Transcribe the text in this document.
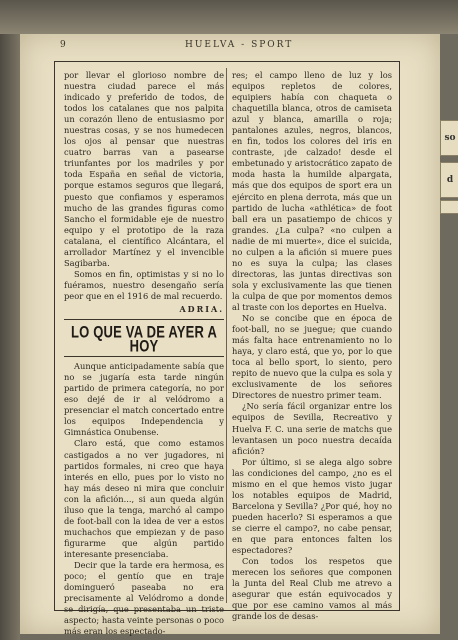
9	HUELVA - SPORT

por llevar el glorioso nombre de nuestra ciudad parece el más indicado y preferido de todos, de todos los catalanes que nos palpita un corazón lleno de entusiasmo por nuestras cosas, y se nos humedecen los ojos al pensar que nuestras cuatro barras van a pasearse triunfantes por los madriles y por toda España en señal de victoria, porque estamos seguros que llegará, puesto que confiamos y esperamos mucho de las grandes figuras como Sancho el formidable eje de nuestro equipo y el prototipo de la raza catalana, el científico Alcántara, el arrollador Martínez y el invencible Sagibarba.

Somos en fin, optimistas y si no lo fuéramos, nuestro desengaño sería peor que en el 1916 de mal recuerdo.

ADRIA.
LO QUE VA DE AYER A HOY

Aunque anticipadamente sabía que no se jugaría esta tarde ningún partido de primera categoría, no por eso dejé de ir al velódromo a presenciar el match concertado entre los equipos Independencia y Gimnástica Onubense.

Claro está, que como estamos castigados a no ver jugadores, ni partidos formales, ni creo que haya interés en ello, pues por lo visto no hay más deseo ni mira que concluir con la afición..., si aun queda algún iluso que la tenga, marchó al campo de foot-ball con la idea de ver a estos muchachos que empiezan y de paso figurarme que algún partido interesante presenciaba.

Decir que la tarde era hermosa, es poco; el gentío que en traje domingueró paseaba no era precisamente al Velódromo a donde se dirigía, que presentaba un triste aspecto; hasta veinte personas o poco más eran los espectado-

res; el campo lleno de luz y los equipos repletos de colores, equipiers había con chaqueta o chaquetilla blanca, otros de camiseta azul y blanca, amarilla o roja; pantalones azules, negros, blancos, en fin, todos los colores del iris en contraste, ¡de calzado! desde el embetunado y aristocrático zapato de moda hasta la humilde alpargata, más que dos equipos de sport era un ejército en plena derrota, más que un partido de lucha «athlética» de foot ball era un pasatiempo de chicos y grandes. ¿La culpa? «no culpen a nadie de mi muerte», dice el suicida, no culpen a la afición si muere pues no es suya la culpa; las clases directoras, las juntas directivas son sola y exclusivamente las que tienen la culpa de que por momentos demos al traste con los deportes en Huelva.

No se concibe que en época de foot-ball, no se juegue; que cuando más falta hace entrenamiento no lo haya, y claro está, que yo, por lo que toca al bello sport, lo siento, pero repito de nuevo que la culpa es sola y exclusivamente de los señores Directores de nuestro primer team.

¿No sería fácil organizar entre los equipos de Sevilla, Recreativo y Huelva F. C. una serie de matchs que levantasen un poco nuestra decaída afición?

Por último, si se alega algo sobre las condiciones del campo, ¿no es el mismo en el que hemos visto jugar los notables equipos de Madrid, Barcelona y Sevilla? ¿Por qué, hoy no pueden hacerlo? Si esperamos a que se cierre el campo?, no cabe pensar, en que para entonces falten los espectadores?

Con todos los respetos que merecen los señores que componen la Junta del Real Club me atrevo a asegurar que están equivocados y que por ese camino vamos al más grande los de desas-

so
d
